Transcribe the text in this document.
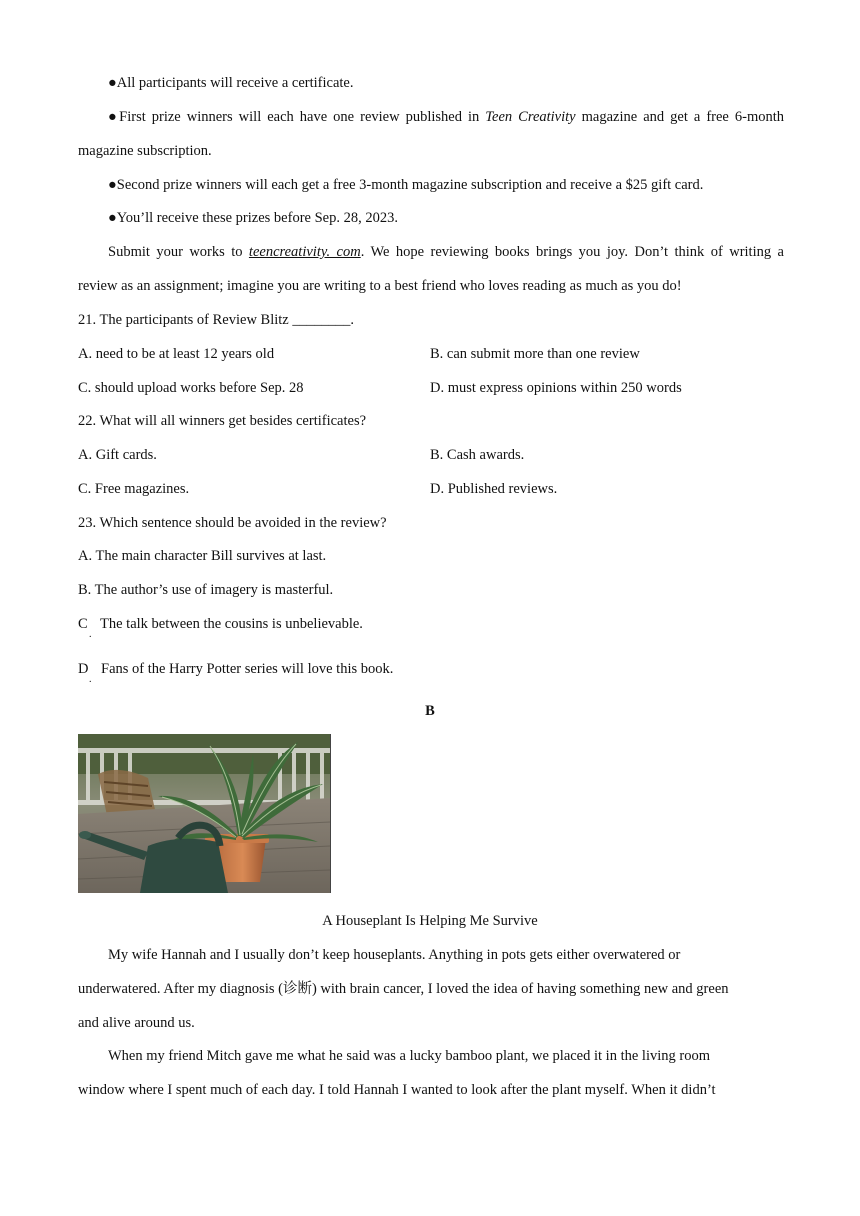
●All participants will receive a certificate.
●First prize winners will each have one review published in Teen Creativity magazine and get a free 6-month
magazine subscription.
●Second prize winners will each get a free 3-month magazine subscription and receive a $25 gift card.
●You’ll receive these prizes before Sep. 28, 2023.
Submit your works to teencreativity. com. We hope reviewing books brings you joy. Don’t think of writing a
review as an assignment; imagine you are writing to a best friend who loves reading as much as you do!
21. The participants of Review Blitz ________.
A. need to be at least 12 years old	B. can submit more than one review
C. should upload works before Sep. 28	D. must express opinions within 250 words
22. What will all winners get besides certificates?
A. Gift cards.	B. Cash awards.
C. Free magazines.	D. Published reviews.
23. Which sentence should be avoided in the review?
A. The main character Bill survives at last.
B. The author’s use of imagery is masterful.
C
.
The talk between the cousins is unbelievable.
D
.
Fans of the Harry Potter series will love this book.
B
A Houseplant Is Helping Me Survive
My wife Hannah and I usually don’t keep houseplants. Anything in pots gets either overwatered or
underwatered. After my diagnosis (诊断) with brain cancer, I loved the idea of having something new and green
and alive around us.
When my friend Mitch gave me what he said was a lucky bamboo plant, we placed it in the living room
window where I spent much of each day. I told Hannah I wanted to look after the plant myself. When it didn’t
